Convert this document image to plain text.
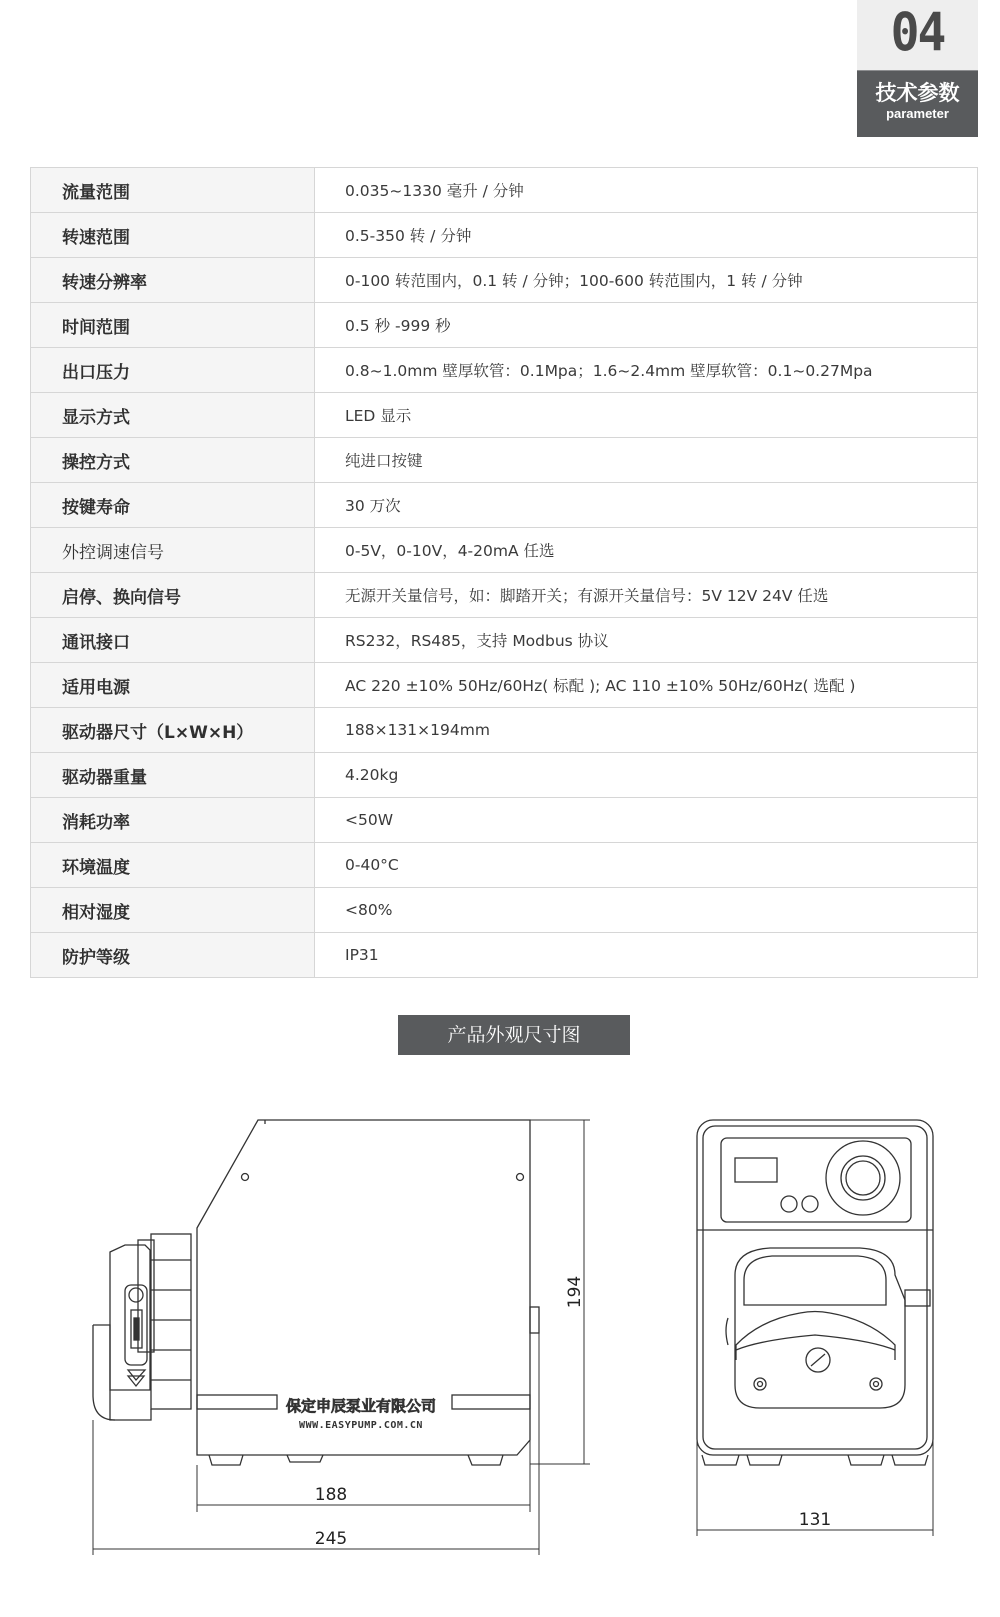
04
技术参数
parameter
流量范围	0.035~1330 毫升 / 分钟
转速范围	0.5-350 转 / 分钟
转速分辨率	0-100 转范围内，0.1 转 / 分钟；100-600 转范围内，1 转 / 分钟
时间范围	0.5 秒 -999 秒
出口压力	0.8~1.0mm 壁厚软管：0.1Mpa；1.6~2.4mm 壁厚软管：0.1~0.27Mpa
显示方式	LED 显示
操控方式	纯进口按键
按键寿命	30 万次
外控调速信号	0-5V，0-10V，4-20mA 任选
启停、换向信号	无源开关量信号，如：脚踏开关；有源开关量信号：5V 12V 24V 任选
通讯接口	RS232，RS485，支持 Modbus 协议
适用电源	AC 220 ±10% 50Hz/60Hz( 标配 ); AC 110 ±10% 50Hz/60Hz( 选配 )
驱动器尺寸（L×W×H）	188×131×194mm
驱动器重量	4.20kg
消耗功率	<50W
环境温度	0-40°C
相对湿度	<80%
防护等级	IP31
产品外观尺寸图
保定申辰泵业有限公司
WWW.EASYPUMP.COM.CN
194
188
245
131
